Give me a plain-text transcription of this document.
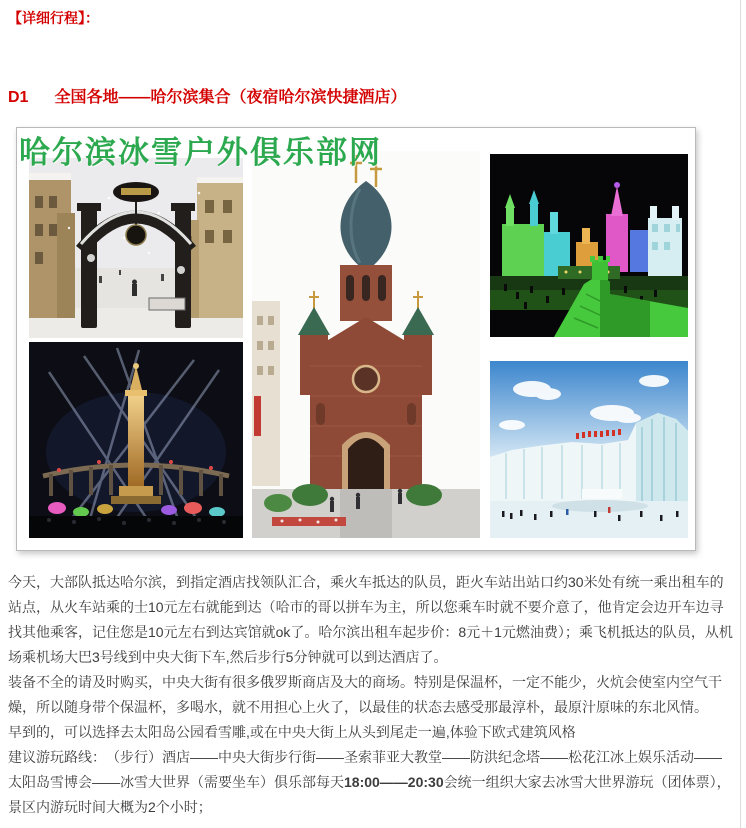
【详细行程】：
D1 全国各地——哈尔滨集合（夜宿哈尔滨快捷酒店）
哈尔滨冰雪户外俱乐部网

今天，大部队抵达哈尔滨，到指定酒店找领队汇合，乘火车抵达的队员，距火车站出站口约30米处有统一乘出租车的站点，从火车站乘的士10元左右就能到达（哈市的哥以拼车为主，所以您乘车时就不要介意了，他肯定会边开车边寻找其他乘客，记住您是10元左右到达宾馆就ok了。哈尔滨出租车起步价：8元＋1元燃油费）；乘飞机抵达的队员，从机场乘机场大巴3号线到中央大街下车,然后步行5分钟就可以到达酒店了。

装备不全的请及时购买，中央大街有很多俄罗斯商店及大的商场。特别是保温杯，一定不能少，火炕会使室内空气干燥，所以随身带个保温杯，多喝水，就不用担心上火了，以最佳的状态去感受那最淳朴，最原汁原味的东北风情。

早到的，可以选择去太阳岛公园看雪雕,或在中央大街上从头到尾走一遍,体验下欧式建筑风格

建议游玩路线：　（步行）酒店——中央大街步行街——圣索菲亚大教堂——防洪纪念塔——松花江冰上娱乐活动——太阳岛雪博会——冰雪大世界（需要坐车）俱乐部每天18:00——20:30会统一组织大家去冰雪大世界游玩（团体票），景区内游玩时间大概为2个小时；
